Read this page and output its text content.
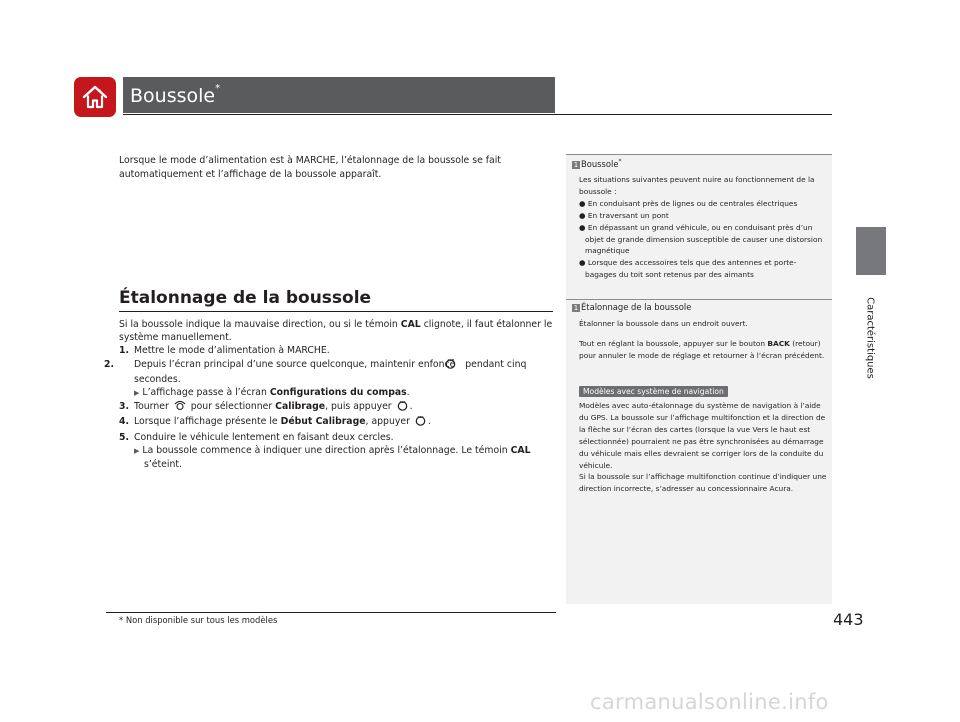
Boussole*
Caractéristiques
Lorsque le mode d’alimentation est à MARCHE, l’étalonnage de la boussole se fait automatiquement et l’affichage de la boussole apparaît.
Étalonnage de la boussole

Si la boussole indique la mauvaise direction, ou si le témoin CAL clignote, il faut étalonner le système manuellement.

1. Mettre le mode d’alimentation à MARCHE.

2. Depuis l’écran principal d’une source quelconque, maintenir enfoncé pendant cinq secondes.

▶ L’affichage passe à l’écran Configurations du compas.

3. Tourner pour sélectionner Calibrage, puis appuyer .

4. Lorsque l’affichage présente le Début Calibrage, appuyer .

5. Conduire le véhicule lentement en faisant deux cercles.

▶ La boussole commence à indiquer une direction après l’étalonnage. Le témoin CAL s’éteint.

1 Boussole*
Les situations suivantes peuvent nuire au fonctionnement de la boussole :
● En conduisant près de lignes ou de centrales électriques
● En traversant un pont
● En dépassant un grand véhicule, ou en conduisant près d’un objet de grande dimension susceptible de causer une distorsion magnétique
● Lorsque des accessoires tels que des antennes et porte-bagages du toit sont retenus par des aimants
1 Étalonnage de la boussole
Étalonner la boussole dans un endroit ouvert.
Tout en réglant la boussole, appuyer sur le bouton BACK (retour) pour annuler le mode de réglage et retourner à l’écran précédent.
Modèles avec système de navigation
Modèles avec auto-étalonnage du système de navigation à l’aide du GPS. La boussole sur l’affichage multifonction et la direction de la flèche sur l’écran des cartes (lorsque la vue Vers le haut est sélectionnée) pourraient ne pas être synchronisées au démarrage du véhicule mais elles devraient se corriger lors de la conduite du véhicule.
Si la boussole sur l’affichage multifonction continue d’indiquer une direction incorrecte, s’adresser au concessionnaire Acura.
* Non disponible sur tous les modèles	443
carmanualsonline.info
